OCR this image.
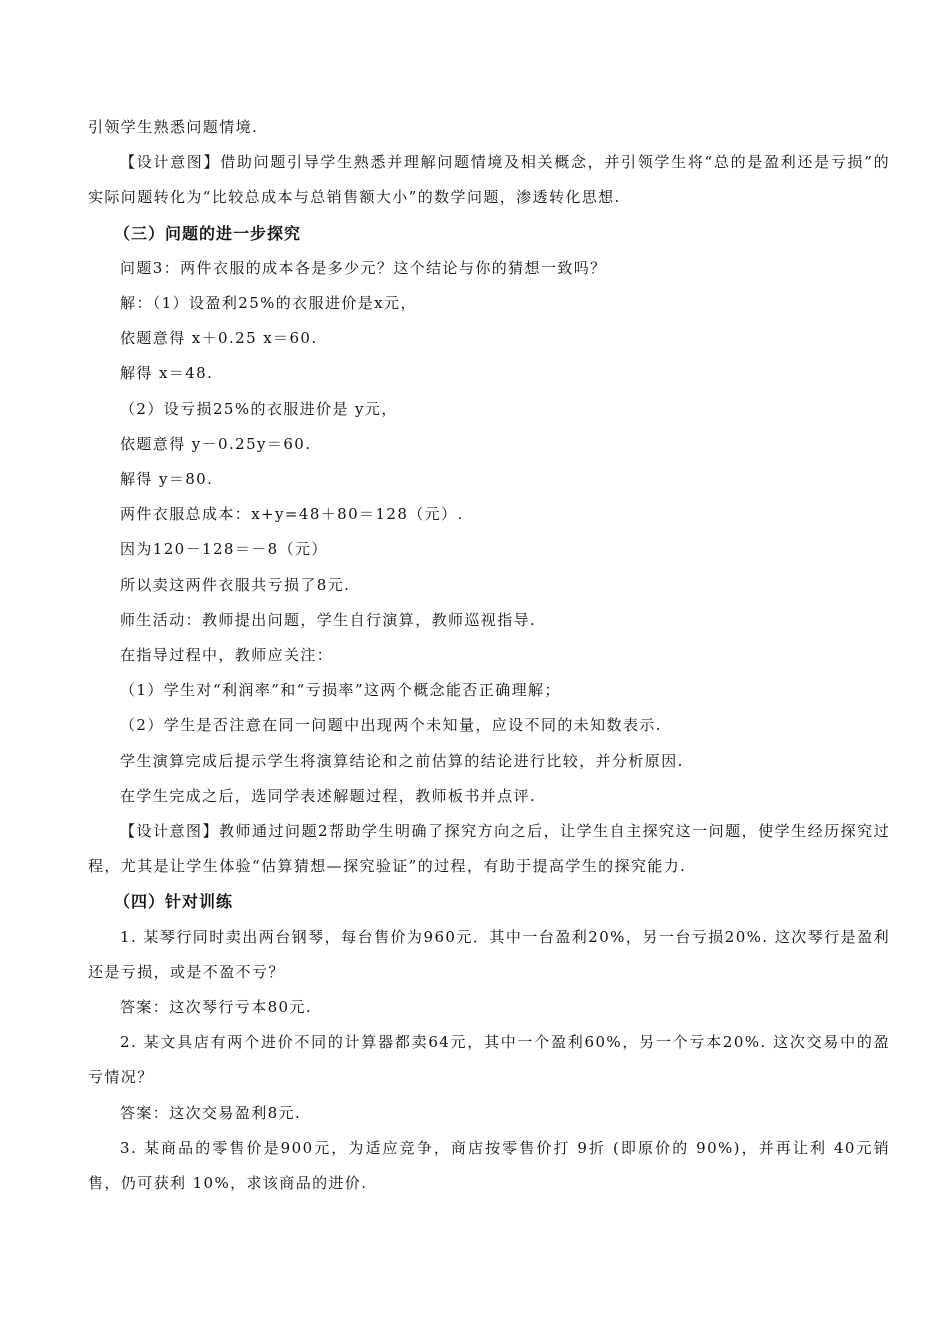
引领学生熟悉问题情境.

【设计意图】借助问题引导学生熟悉并理解问题情境及相关概念，并引领学生将“总的是盈利还是亏损”的实际问题转化为“比较总成本与总销售额大小”的数学问题，渗透转化思想.

（三）问题的进一步探究

问题3：两件衣服的成本各是多少元？这个结论与你的猜想一致吗？

解：（1）设盈利25%的衣服进价是x元，

依题意得 x＋0.25 x＝60.

解得 x＝48.

（2）设亏损25%的衣服进价是 y元，

依题意得 y－0.25y＝60.

解得 y＝80.

两件衣服总成本：x+y=48＋80＝128（元）.

因为120－128＝－8（元）

所以卖这两件衣服共亏损了8元.

师生活动：教师提出问题，学生自行演算，教师巡视指导.

在指导过程中，教师应关注：

（1）学生对“利润率”和“亏损率”这两个概念能否正确理解；

（2）学生是否注意在同一问题中出现两个未知量，应设不同的未知数表示.

学生演算完成后提示学生将演算结论和之前估算的结论进行比较，并分析原因.

在学生完成之后，选同学表述解题过程，教师板书并点评.

【设计意图】教师通过问题2帮助学生明确了探究方向之后，让学生自主探究这一问题，使学生经历探究过程，尤其是让学生体验“估算猜想—探究验证”的过程，有助于提高学生的探究能力.

（四）针对训练

1. 某琴行同时卖出两台钢琴，每台售价为960元．其中一台盈利20%，另一台亏损20%. 这次琴行是盈利还是亏损，或是不盈不亏？

答案：这次琴行亏本80元.

2. 某文具店有两个进价不同的计算器都卖64元，其中一个盈利60%，另一个亏本20%. 这次交易中的盈亏情况？

答案：这次交易盈利8元.

3. 某商品的零售价是900元，为适应竞争，商店按零售价打 9折 (即原价的 90%)，并再让利 40元销售，仍可获利 10%，求该商品的进价.
